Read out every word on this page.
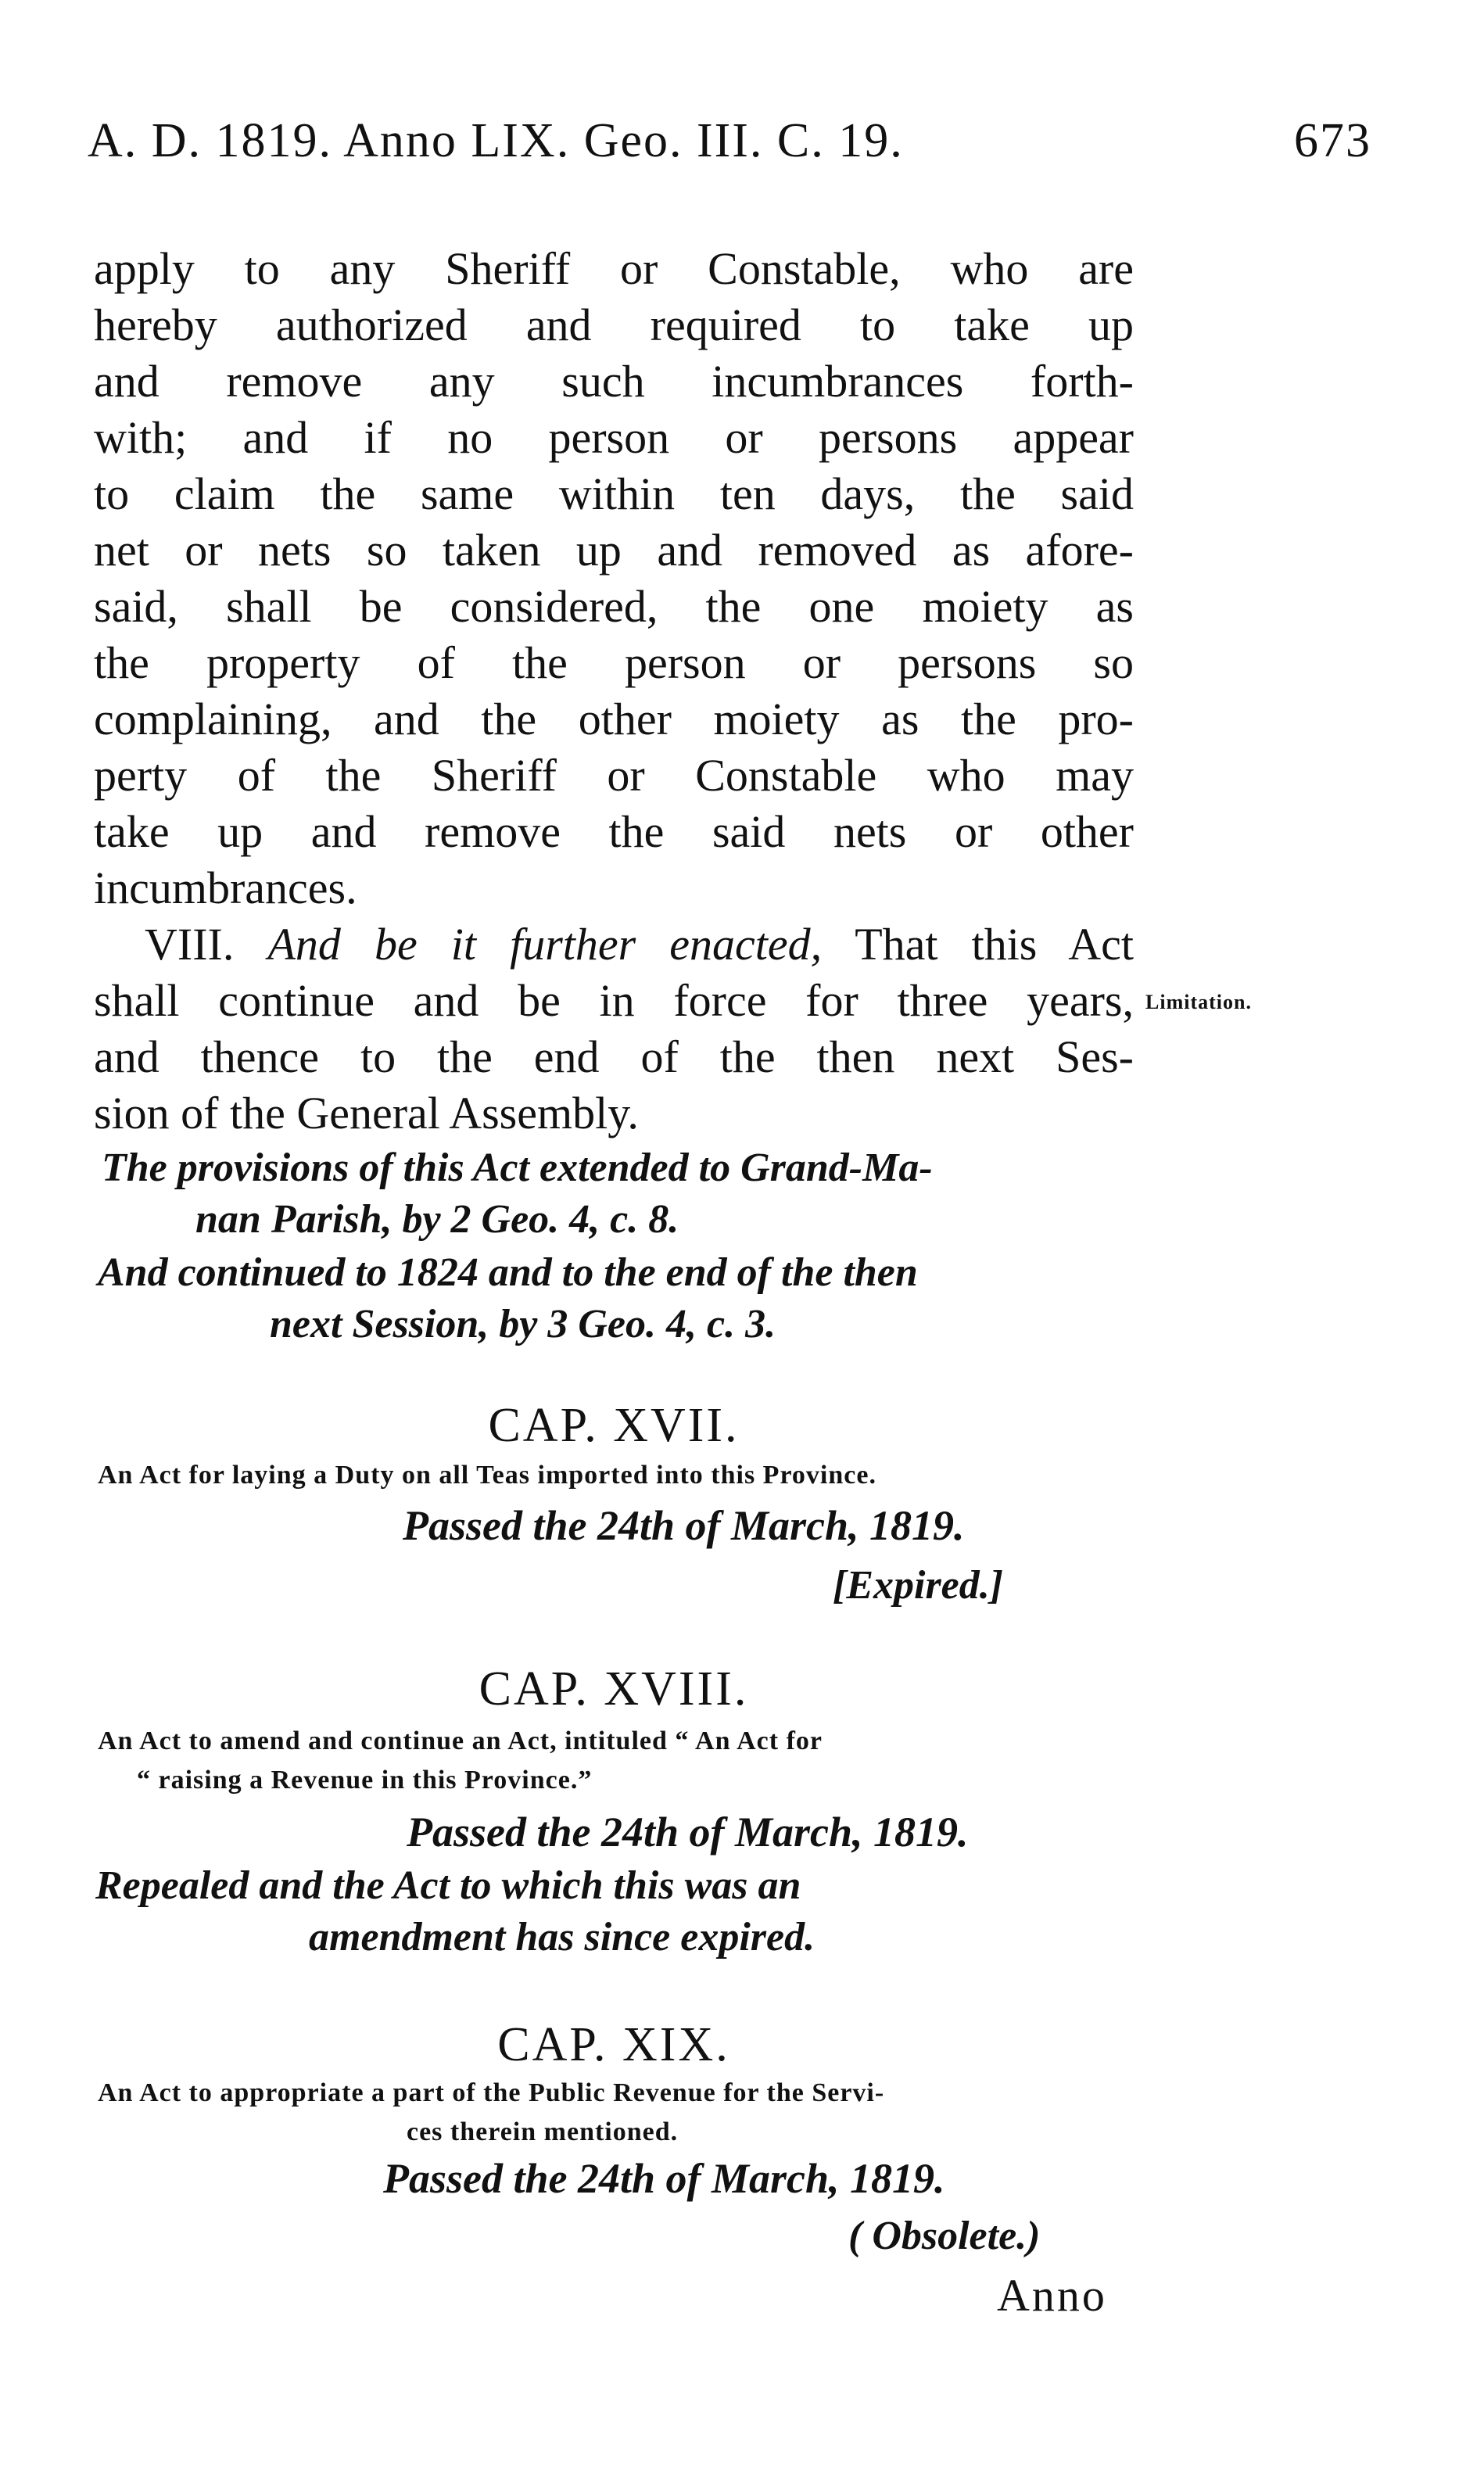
A. D. 1819. Anno LIX. Geo. III. C. 19.	673
apply to any Sheriff or Constable, who are
hereby authorized and required to take up
and remove any such incumbrances forth-
with; and if no person or persons appear
to claim the same within ten days, the said
net or nets so taken up and removed as afore-
said, shall be considered, the one moiety as
the property of the person or persons so
complaining, and the other moiety as the pro-
perty of the Sheriff or Constable who may
take up and remove the said nets or other
incumbrances.
VIII. And be it further enacted, That this Act
shall continue and be in force for three years,
and thence to the end of the then next Ses-
sion of the General Assembly.
Limitation.
The provisions of this Act extended to Grand-Ma-
nan Parish, by 2 Geo. 4, c. 8.
And continued to 1824 and to the end of the then
next Session, by 3 Geo. 4, c. 3.
CAP. XVII.
An Act for laying a Duty on all Teas imported into this Province.
Passed the 24th of March, 1819.
[Expired.]
CAP. XVIII.
An Act to amend and continue an Act, intituled “ An Act for
“ raising a Revenue in this Province.”
Passed the 24th of March, 1819.
Repealed and the Act to which this was an
amendment has since expired.
CAP. XIX.
An Act to appropriate a part of the Public Revenue for the Servi-
ces therein mentioned.
Passed the 24th of March, 1819.
( Obsolete.)
Anno
